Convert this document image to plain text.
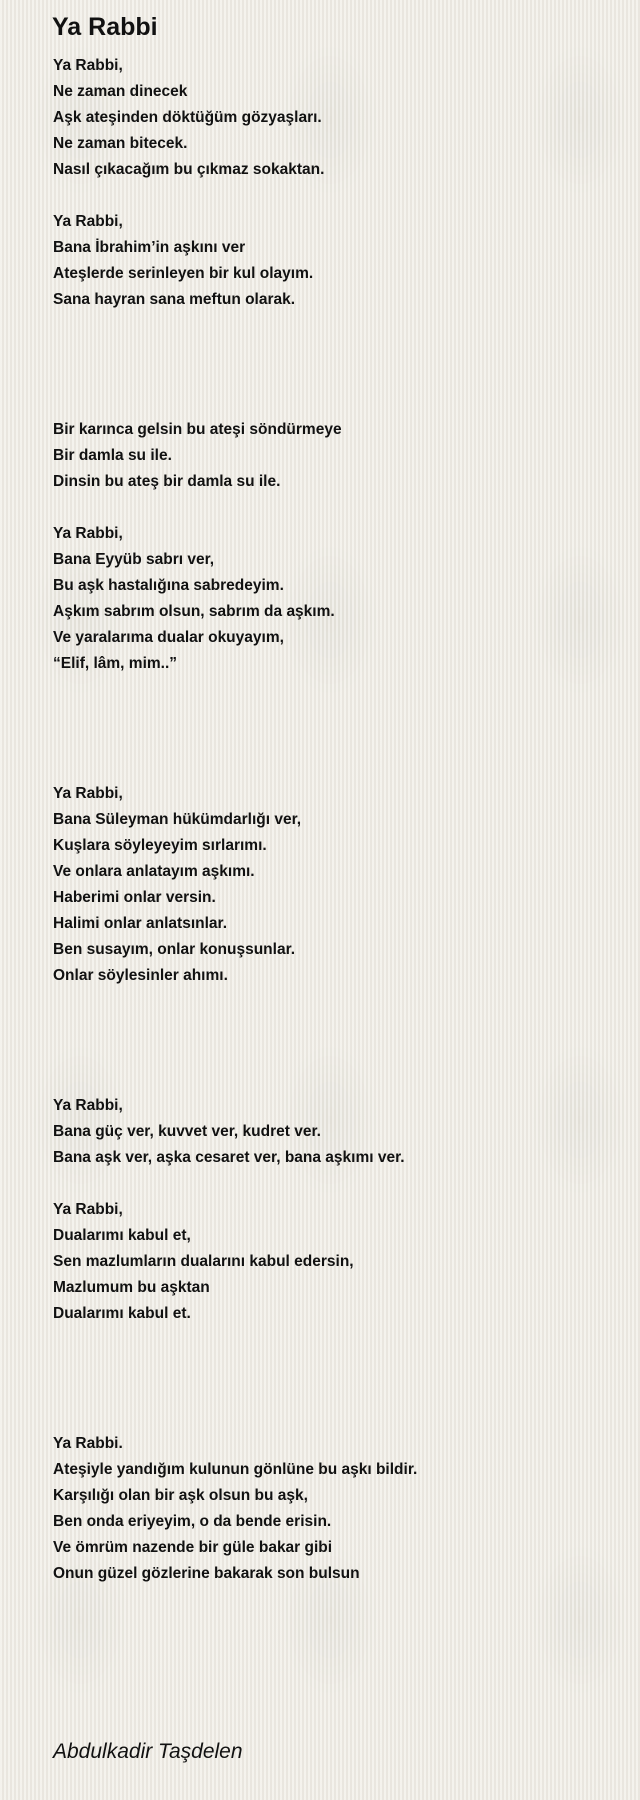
Ya Rabbi
Ya Rabbi,
Ne zaman dinecek
Aşk ateşinden döktüğüm gözyaşları.
Ne zaman bitecek.
Nasıl çıkacağım bu çıkmaz sokaktan.
Ya Rabbi,
Bana İbrahim’in aşkını ver
Ateşlerde serinleyen bir kul olayım.
Sana hayran sana meftun olarak.
Bir karınca gelsin bu ateşi söndürmeye
Bir damla su ile.
Dinsin bu ateş bir damla su ile.
Ya Rabbi,
Bana Eyyüb sabrı ver,
Bu aşk hastalığına sabredeyim.
Aşkım sabrım olsun, sabrım da aşkım.
Ve yaralarıma dualar okuyayım,
“Elif, lâm, mim..”
Ya Rabbi,
Bana Süleyman hükümdarlığı ver,
Kuşlara söyleyeyim sırlarımı.
Ve onlara anlatayım aşkımı.
Haberimi onlar versin.
Halimi onlar anlatsınlar.
Ben susayım, onlar konuşsunlar.
Onlar söylesinler ahımı.
Ya Rabbi,
Bana güç ver, kuvvet ver, kudret ver.
Bana aşk ver, aşka cesaret ver, bana aşkımı ver.
Ya Rabbi,
Dualarımı kabul et,
Sen mazlumların dualarını kabul edersin,
Mazlumum bu aşktan
Dualarımı kabul et.
Ya Rabbi.
Ateşiyle yandığım kulunun gönlüne bu aşkı bildir.
Karşılığı olan bir aşk olsun bu aşk,
Ben onda eriyeyim, o da bende erisin.
Ve ömrüm nazende bir güle bakar gibi
Onun güzel gözlerine bakarak son bulsun
Abdulkadir Taşdelen
